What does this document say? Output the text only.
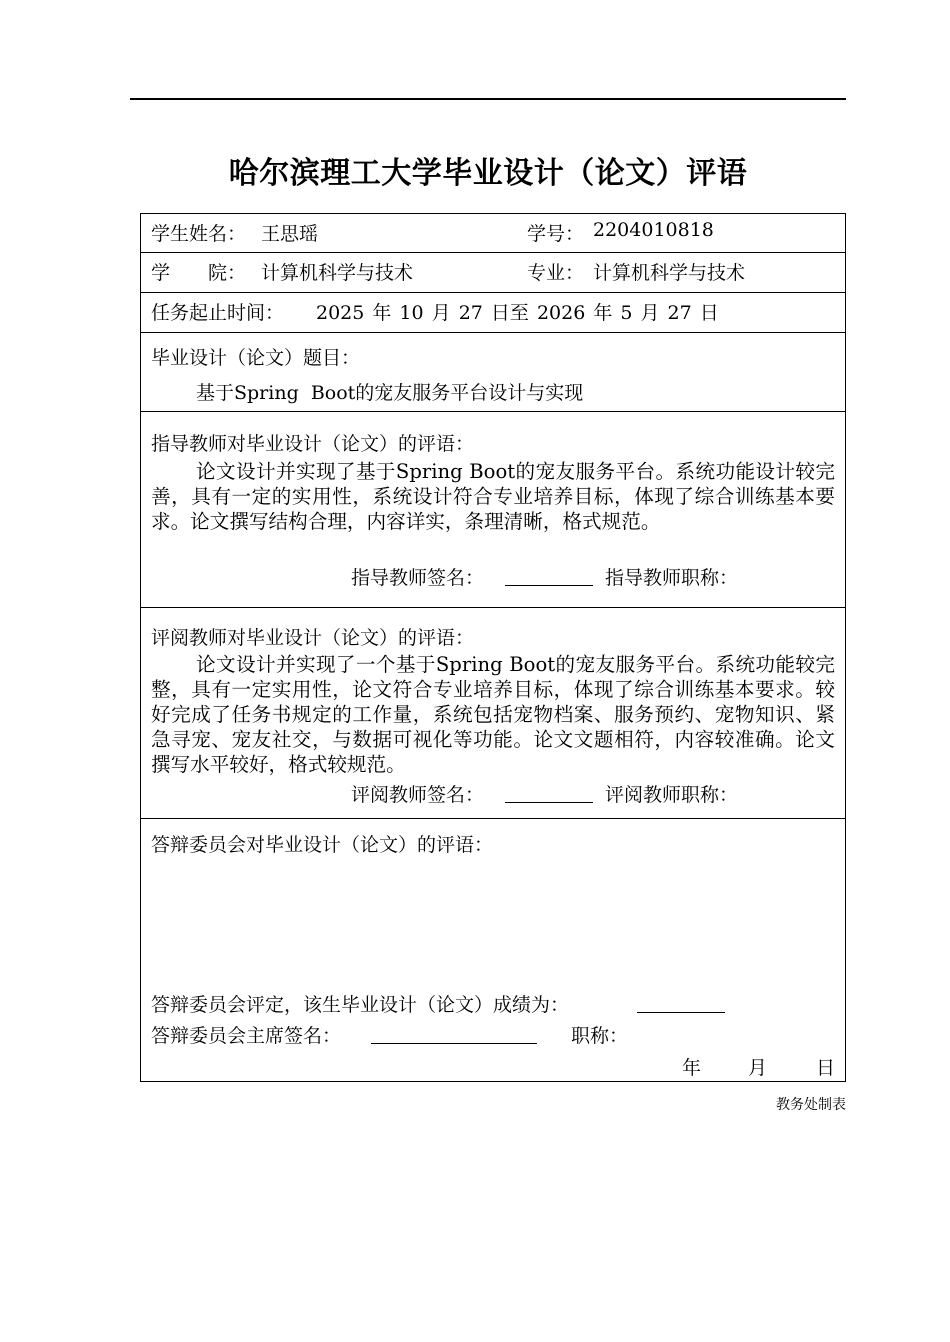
哈尔滨理工大学毕业设计（论文）评语
学生姓名： 王思瑶	学号： 2204010818
学　　院： 计算机科学与技术	专业： 计算机科学与技术
任务起止时间： 2025 年 10 月 27 日至 2026 年 5 月 27 日
毕业设计（论文）题目：
基于Spring  Boot的宠友服务平台设计与实现
指导教师对毕业设计（论文）的评语：
论文设计并实现了基于Spring Boot的宠友服务平台。系统功能设计较完善，具有一定的实用性，系统设计符合专业培养目标，体现了综合训练基本要求。论文撰写结构合理，内容详实，条理清晰，格式规范。
指导教师签名：	指导教师职称：
评阅教师对毕业设计（论文）的评语：
论文设计并实现了一个基于Spring Boot的宠友服务平台。系统功能较完整，具有一定实用性，论文符合专业培养目标，体现了综合训练基本要求。较好完成了任务书规定的工作量，系统包括宠物档案、服务预约、宠物知识、紧急寻宠、宠友社交，与数据可视化等功能。论文文题相符，内容较准确。论文撰写水平较好，格式较规范。
评阅教师签名：	评阅教师职称：
答辩委员会对毕业设计（论文）的评语：
答辩委员会评定，该生毕业设计（论文）成绩为：
答辩委员会主席签名：	职称：
年 月	日
教务处制表
